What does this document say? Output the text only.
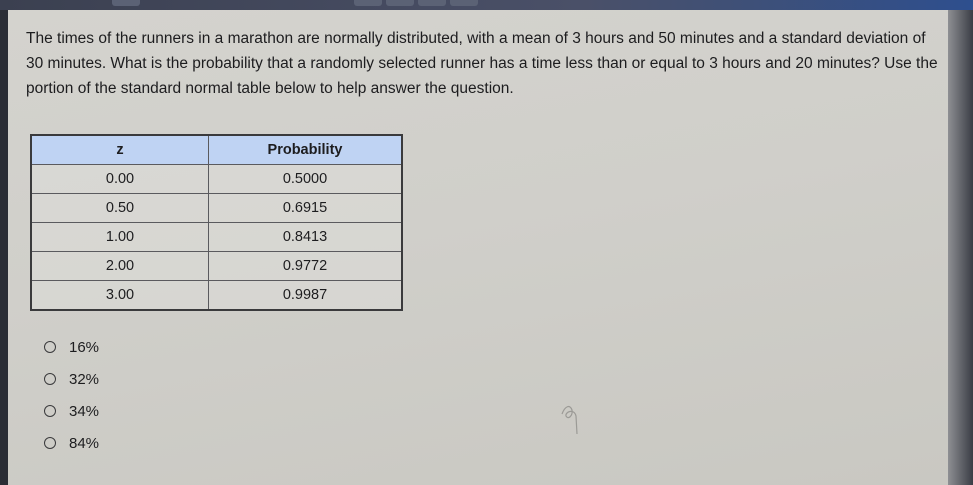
The times of the runners in a marathon are normally distributed, with a mean of 3 hours and 50 minutes and a standard deviation of 30 minutes. What is the probability that a randomly selected runner has a time less than or equal to 3 hours and 20 minutes? Use the portion of the standard normal table below to help answer the question.

z	Probability
0.00	0.5000
0.50	0.6915
1.00	0.8413
2.00	0.9772
3.00	0.9987
16%
32%
34%
84%
